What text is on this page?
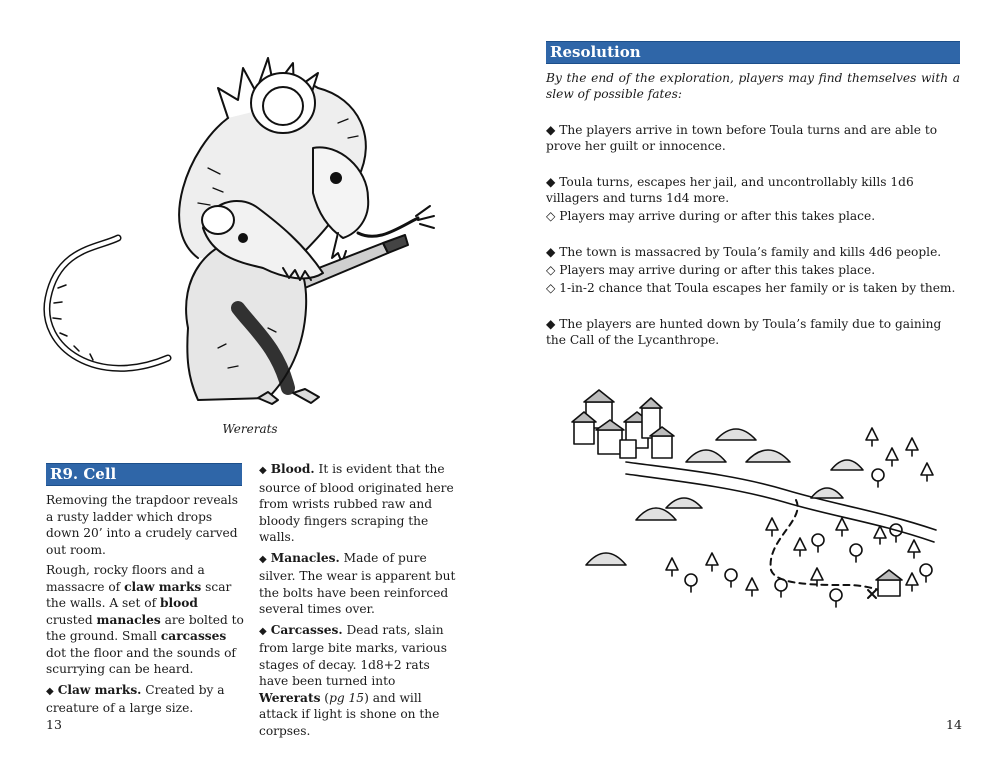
Wererats
R9. Cell

Removing the trapdoor reveals a rusty ladder which drops down 20’ into a crudely carved out room.

Rough, rocky floors and a massacre of claw marks scar the walls. A set of blood crusted manacles are bolted to the ground. Small carcasses dot the floor and the sounds of scurrying can be heard.

◆ Claw marks. Created by a creature of a large size.

◆ Blood. It is evident that the source of blood originated here from wrists rubbed raw and bloody fingers scraping the walls.

◆ Manacles. Made of pure silver. The wear is apparent but the bolts have been reinforced several times over.

◆ Carcasses. Dead rats, slain from large bite marks, various stages of decay. 1d8+2 rats have been turned into Wererats (pg 15) and will attack if light is shone on the corpses.

13
Resolution
By the end of the exploration, players may find themselves with a slew of possible fates:

◆ The players arrive in town before Toula turns and are able to prove her guilt or innocence.

◆ Toula turns, escapes her jail, and uncontrollably kills 1d6 villagers and turns 1d4 more.

◇ Players may arrive during or after this takes place.

◆ The town is massacred by Toula’s family and kills 4d6 people.

◇ Players may arrive during or after this takes place.

◇ 1-in-2 chance that Toula escapes her family or is taken by them.

◆ The players are hunted down by Toula’s family due to gaining the Call of the Lycanthrope.

14
